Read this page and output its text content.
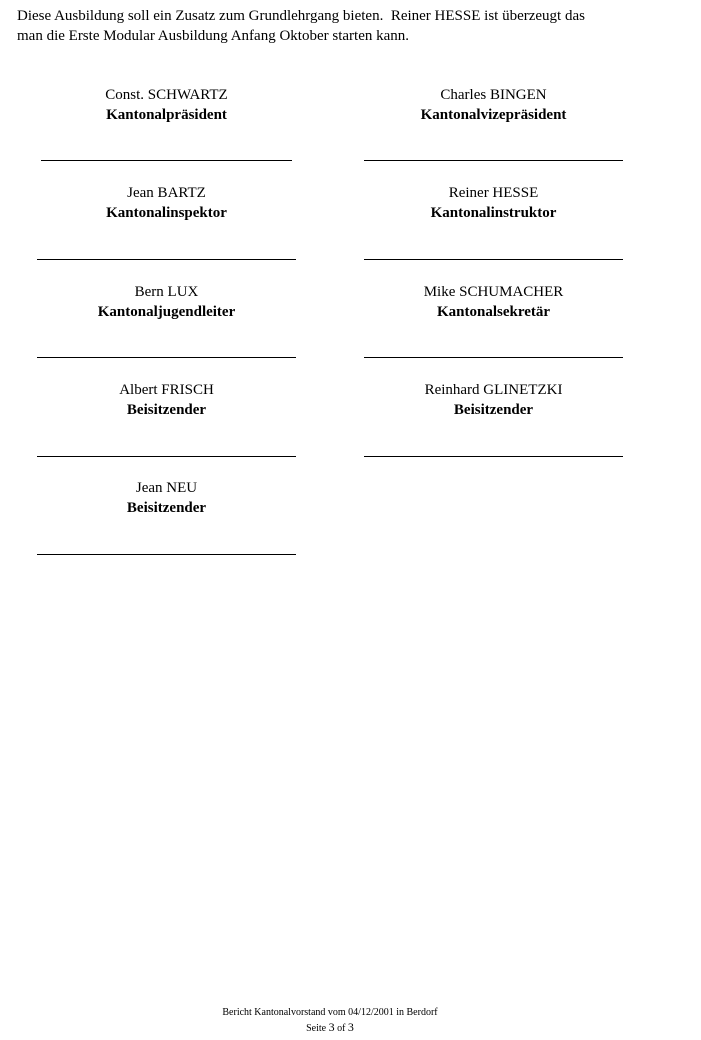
Diese Ausbildung soll ein Zusatz zum Grundlehrgang bieten.  Reiner HESSE ist überzeugt das
man die Erste Modular Ausbildung Anfang Oktober starten kann.
Const. SCHWARTZ
Kantonalpräsident
Charles BINGEN
Kantonalvizepräsident
Jean BARTZ
Kantonalinspektor
Reiner HESSE
Kantonalinstruktor
Bern LUX
Kantonaljugendleiter
Mike SCHUMACHER
Kantonalsekretär
Albert FRISCH
Beisitzender
Reinhard GLINETZKI
Beisitzender
Jean NEU
Beisitzender
Bericht Kantonalvorstand vom 04/12/2001 in Berdorf
Seite 3 of 3
